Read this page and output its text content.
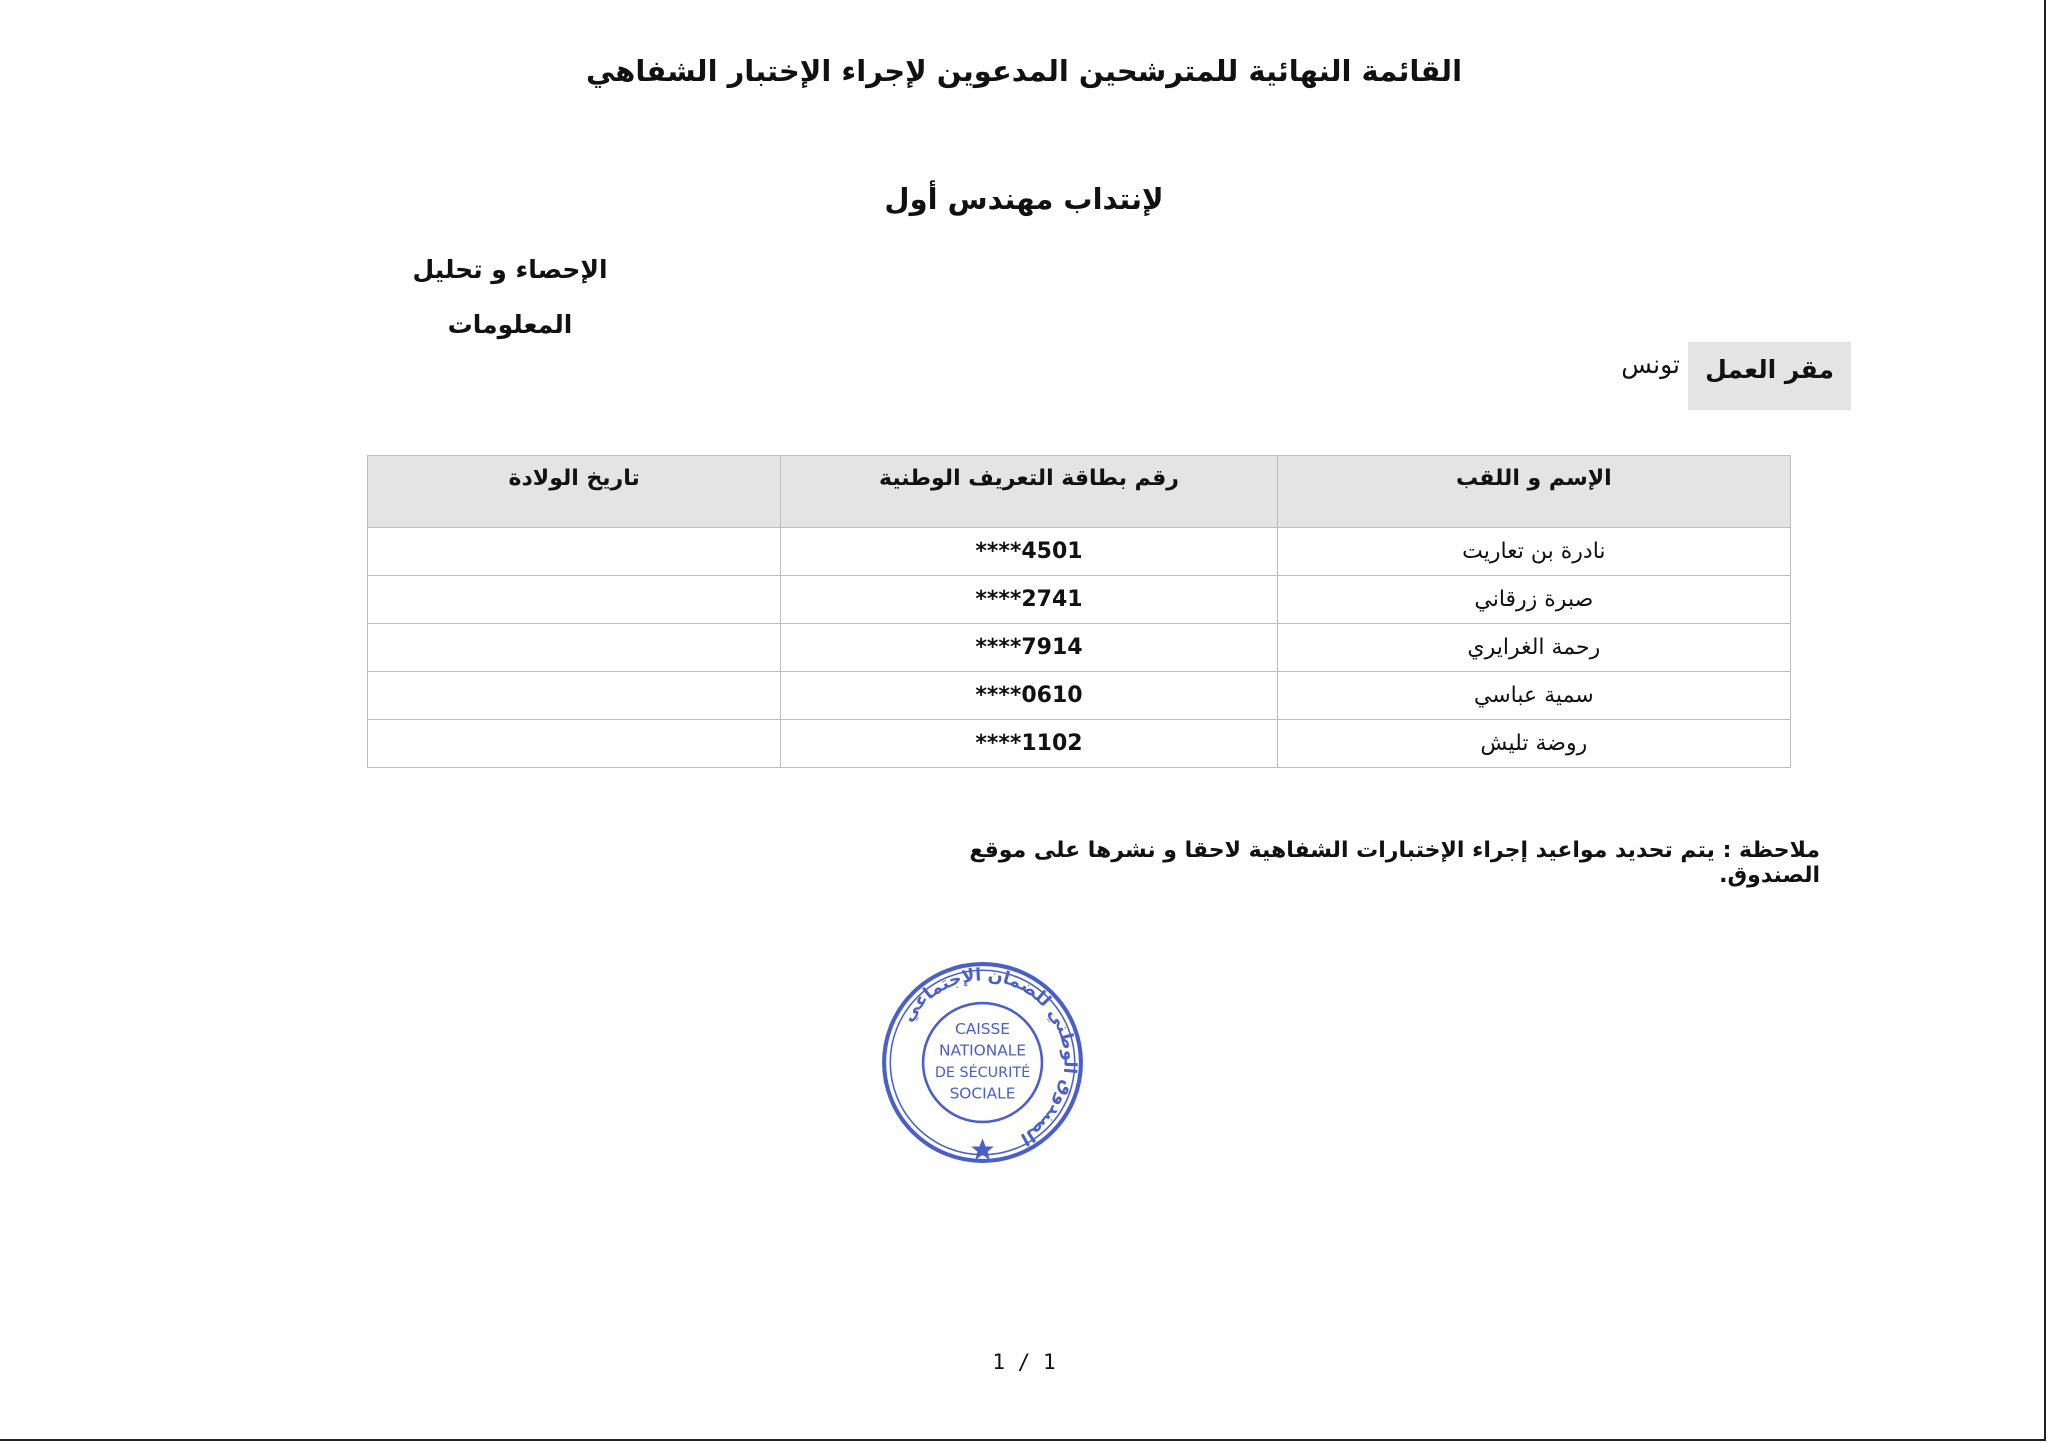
القائمة النهائية للمترشحين المدعوين لإجراء الإختبار الشفاهي
لإنتداب مهندس أول
الإحصاء و تحليل
المعلومات
مقر العمل
تونس
الإسم و اللقب	رقم بطاقة التعريف الوطنية	تاريخ الولادة
نادرة بن تعاريت	****4501	
صبرة زرقاني	****2741	
رحمة الغرايري	****7914	
سمية عباسي	****0610	
روضة تليش	****1102	
ملاحظة : يتم تحديد مواعيد إجراء الإختبارات الشفاهية لاحقا و نشرها على موقع الصندوق.
الصندوق الوطني للضمان الإجتماعي
CAISSE
NATIONALE
DE SÉCURITÉ
SOCIALE
1 / 1
